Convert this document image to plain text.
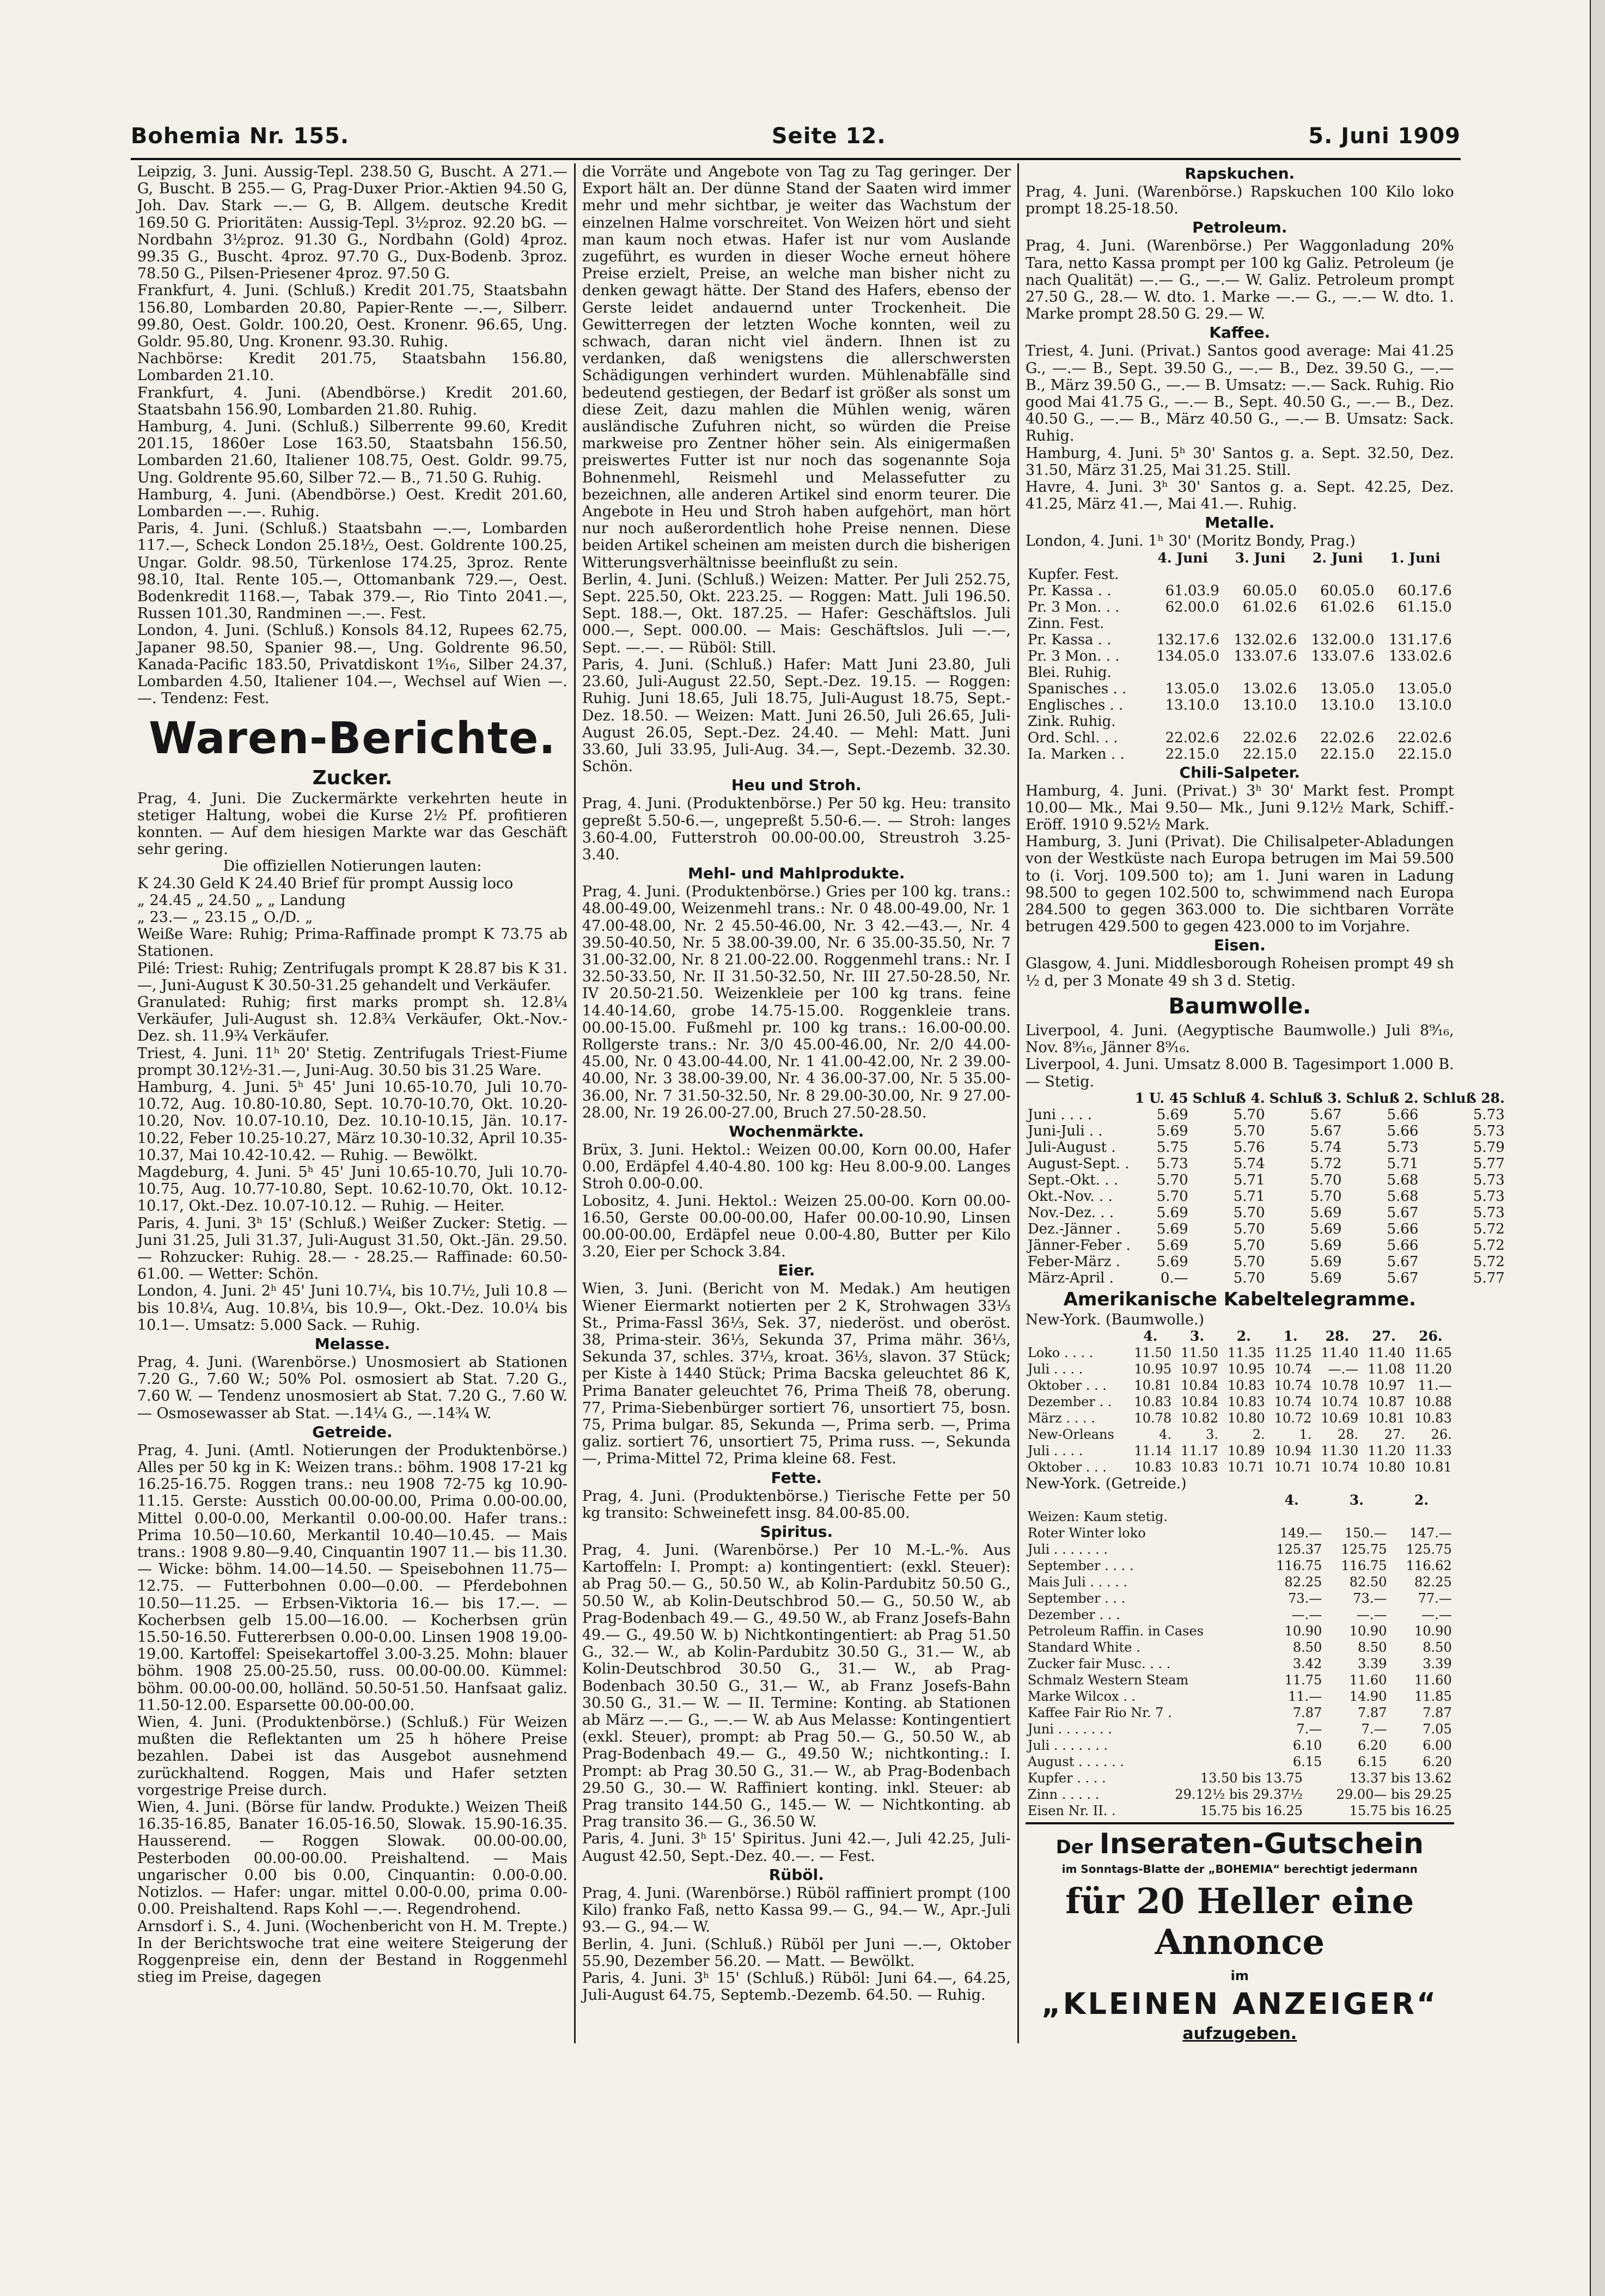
Bohemia Nr. 155.	Seite 12.	5. Juni 1909

Leipzig, 3. Juni. Aussig-Tepl. 238.50 G, Buscht. A 271.— G, Buscht. B 255.— G, Prag-Duxer Prior.-Aktien 94.50 G, Joh. Dav. Stark —.— G, B. Allgem. deutsche Kredit 169.50 G. Prioritäten: Aussig-Tepl. 3½proz. 92.20 bG. — Nordbahn 3½proz. 91.30 G., Nordbahn (Gold) 4proz. 99.35 G., Buscht. 4proz. 97.70 G., Dux-Bodenb. 3proz. 78.50 G., Pilsen-Priesener 4proz. 97.50 G.

Frankfurt, 4. Juni. (Schluß.) Kredit 201.75, Staatsbahn 156.80, Lombarden 20.80, Papier-Rente —.—, Silberr. 99.80, Oest. Goldr. 100.20, Oest. Kronenr. 96.65, Ung. Goldr. 95.80, Ung. Kronenr. 93.30. Ruhig.

Nachbörse: Kredit 201.75, Staatsbahn 156.80, Lombarden 21.10.

Frankfurt, 4. Juni. (Abendbörse.) Kredit 201.60, Staatsbahn 156.90, Lombarden 21.80. Ruhig.

Hamburg, 4. Juni. (Schluß.) Silberrente 99.60, Kredit 201.15, 1860er Lose 163.50, Staatsbahn 156.50, Lombarden 21.60, Italiener 108.75, Oest. Goldr. 99.75, Ung. Goldrente 95.60, Silber 72.— B., 71.50 G. Ruhig.

Hamburg, 4. Juni. (Abendbörse.) Oest. Kredit 201.60, Lombarden —.—. Ruhig.

Paris, 4. Juni. (Schluß.) Staatsbahn —.—, Lombarden 117.—, Scheck London 25.18½, Oest. Goldrente 100.25, Ungar. Goldr. 98.50, Türkenlose 174.25, 3proz. Rente 98.10, Ital. Rente 105.—, Ottomanbank 729.—, Oest. Bodenkredit 1168.—, Tabak 379.—, Rio Tinto 2041.—, Russen 101.30, Randminen —.—. Fest.

London, 4. Juni. (Schluß.) Konsols 84.12, Rupees 62.75, Japaner 98.50, Spanier 98.—, Ung. Goldrente 96.50, Kanada-Pacific 183.50, Privatdiskont 1⁹⁄₁₆, Silber 24.37, Lombarden 4.50, Italiener 104.—, Wechsel auf Wien —.—. Tendenz: Fest.

Waren-Berichte.
Zucker.

Prag, 4. Juni. Die Zuckermärkte verkehrten heute in stetiger Haltung, wobei die Kurse 2½ Pf. profitieren konnten. — Auf dem hiesigen Markte war das Geschäft sehr gering.

Die offiziellen Notierungen lauten:

K 24.30 Geld K 24.40 Brief für prompt Aussig loco

„ 24.45 „ 24.50 „ „ Landung

„ 23.— „ 23.15 „ O./D. „

Weiße Ware: Ruhig; Prima-Raffinade prompt K 73.75 ab Stationen.

Pilé: Triest: Ruhig; Zentrifugals prompt K 28.87 bis K 31.—, Juni-August K 30.50-31.25 gehandelt und Verkäufer.

Granulated: Ruhig; first marks prompt sh. 12.8¼ Verkäufer, Juli-August sh. 12.8¾ Verkäufer, Okt.-Nov.-Dez. sh. 11.9¾ Verkäufer.

Triest, 4. Juni. 11ʰ 20' Stetig. Zentrifugals Triest-Fiume prompt 30.12½-31.—, Juni-Aug. 30.50 bis 31.25 Ware.

Hamburg, 4. Juni. 5ʰ 45' Juni 10.65-10.70, Juli 10.70-10.72, Aug. 10.80-10.80, Sept. 10.70-10.70, Okt. 10.20-10.20, Nov. 10.07-10.10, Dez. 10.10-10.15, Jän. 10.17-10.22, Feber 10.25-10.27, März 10.30-10.32, April 10.35-10.37, Mai 10.42-10.42. — Ruhig. — Bewölkt.

Magdeburg, 4. Juni. 5ʰ 45' Juni 10.65-10.70, Juli 10.70-10.75, Aug. 10.77-10.80, Sept. 10.62-10.70, Okt. 10.12-10.17, Okt.-Dez. 10.07-10.12. — Ruhig. — Heiter.

Paris, 4. Juni. 3ʰ 15' (Schluß.) Weißer Zucker: Stetig. — Juni 31.25, Juli 31.37, Juli-August 31.50, Okt.-Jän. 29.50. — Rohzucker: Ruhig. 28.— - 28.25.— Raffinade: 60.50-61.00. — Wetter: Schön.

London, 4. Juni. 2ʰ 45' Juni 10.7¼, bis 10.7½, Juli 10.8 — bis 10.8¼, Aug. 10.8¼, bis 10.9—, Okt.-Dez. 10.0¼ bis 10.1—. Umsatz: 5.000 Sack. — Ruhig.

Melasse.

Prag, 4. Juni. (Warenbörse.) Unosmosiert ab Stationen 7.20 G., 7.60 W.; 50% Pol. osmosiert ab Stat. 7.20 G., 7.60 W. — Tendenz unosmosiert ab Stat. 7.20 G., 7.60 W. — Osmosewasser ab Stat. —.14¼ G., —.14¾ W.

Getreide.

Prag, 4. Juni. (Amtl. Notierungen der Produktenbörse.) Alles per 50 kg in K: Weizen trans.: böhm. 1908 17-21 kg 16.25-16.75. Roggen trans.: neu 1908 72-75 kg 10.90-11.15. Gerste: Ausstich 00.00-00.00, Prima 0.00-00.00, Mittel 0.00-0.00, Merkantil 0.00-00.00. Hafer trans.: Prima 10.50—10.60, Merkantil 10.40—10.45. — Mais trans.: 1908 9.80—9.40, Cinquantin 1907 11.— bis 11.30. — Wicke: böhm. 14.00—14.50. — Speisebohnen 11.75—12.75. — Futterbohnen 0.00—0.00. — Pferdebohnen 10.50—11.25. — Erbsen-Viktoria 16.— bis 17.—. — Kocherbsen gelb 15.00—16.00. — Kocherbsen grün 15.50-16.50. Futtererbsen 0.00-0.00. Linsen 1908 19.00-19.00. Kartoffel: Speisekartoffel 3.00-3.25. Mohn: blauer böhm. 1908 25.00-25.50, russ. 00.00-00.00. Kümmel: böhm. 00.00-00.00, holländ. 50.50-51.50. Hanfsaat galiz. 11.50-12.00. Esparsette 00.00-00.00.

Wien, 4. Juni. (Produktenbörse.) (Schluß.) Für Weizen mußten die Reflektanten um 25 h höhere Preise bezahlen. Dabei ist das Ausgebot ausnehmend zurückhaltend. Roggen, Mais und Hafer setzten vorgestrige Preise durch.

Wien, 4. Juni. (Börse für landw. Produkte.) Weizen Theiß 16.35-16.85, Banater 16.05-16.50, Slowak. 15.90-16.35. Hausserend. — Roggen Slowak. 00.00-00.00, Pesterboden 00.00-00.00. Preishaltend. — Mais ungarischer 0.00 bis 0.00, Cinquantin: 0.00-0.00. Notizlos. — Hafer: ungar. mittel 0.00-0.00, prima 0.00-0.00. Preishaltend. Raps Kohl —.—. Regendrohend.

Arnsdorf i. S., 4. Juni. (Wochenbericht von H. M. Trepte.) In der Berichtswoche trat eine weitere Steigerung der Roggenpreise ein, denn der Bestand in Roggenmehl stieg im Preise, dagegen

die Vorräte und Angebote von Tag zu Tag geringer. Der Export hält an. Der dünne Stand der Saaten wird immer mehr und mehr sichtbar, je weiter das Wachstum der einzelnen Halme vorschreitet. Von Weizen hört und sieht man kaum noch etwas. Hafer ist nur vom Auslande zugeführt, es wurden in dieser Woche erneut höhere Preise erzielt, Preise, an welche man bisher nicht zu denken gewagt hätte. Der Stand des Hafers, ebenso der Gerste leidet andauernd unter Trockenheit. Die Gewitterregen der letzten Woche konnten, weil zu schwach, daran nicht viel ändern. Ihnen ist zu verdanken, daß wenigstens die allerschwersten Schädigungen verhindert wurden. Mühlenabfälle sind bedeutend gestiegen, der Bedarf ist größer als sonst um diese Zeit, dazu mahlen die Mühlen wenig, wären ausländische Zufuhren nicht, so würden die Preise markweise pro Zentner höher sein. Als einigermaßen preiswertes Futter ist nur noch das sogenannte Soja Bohnenmehl, Reismehl und Melassefutter zu bezeichnen, alle anderen Artikel sind enorm teurer. Die Angebote in Heu und Stroh haben aufgehört, man hört nur noch außerordentlich hohe Preise nennen. Diese beiden Artikel scheinen am meisten durch die bisherigen Witterungsverhältnisse beeinflußt zu sein.

Berlin, 4. Juni. (Schluß.) Weizen: Matter. Per Juli 252.75, Sept. 225.50, Okt. 223.25. — Roggen: Matt. Juli 196.50. Sept. 188.—, Okt. 187.25. — Hafer: Geschäftslos. Juli 000.—, Sept. 000.00. — Mais: Geschäftslos. Juli —.—, Sept. —.—. — Rüböl: Still.

Paris, 4. Juni. (Schluß.) Hafer: Matt Juni 23.80, Juli 23.60, Juli-August 22.50, Sept.-Dez. 19.15. — Roggen: Ruhig. Juni 18.65, Juli 18.75, Juli-August 18.75, Sept.-Dez. 18.50. — Weizen: Matt. Juni 26.50, Juli 26.65, Juli-August 26.05, Sept.-Dez. 24.40. — Mehl: Matt. Juni 33.60, Juli 33.95, Juli-Aug. 34.—, Sept.-Dezemb. 32.30. Schön.

Heu und Stroh.

Prag, 4. Juni. (Produktenbörse.) Per 50 kg. Heu: transito gepreßt 5.50-6.—, ungepreßt 5.50-6.—. — Stroh: langes 3.60-4.00, Futterstroh 00.00-00.00, Streustroh 3.25-3.40.

Mehl- und Mahlprodukte.

Prag, 4. Juni. (Produktenbörse.) Gries per 100 kg. trans.: 48.00-49.00, Weizenmehl trans.: Nr. 0 48.00-49.00, Nr. 1 47.00-48.00, Nr. 2 45.50-46.00, Nr. 3 42.—43.—, Nr. 4 39.50-40.50, Nr. 5 38.00-39.00, Nr. 6 35.00-35.50, Nr. 7 31.00-32.00, Nr. 8 21.00-22.00. Roggenmehl trans.: Nr. I 32.50-33.50, Nr. II 31.50-32.50, Nr. III 27.50-28.50, Nr. IV 20.50-21.50. Weizenkleie per 100 kg trans. feine 14.40-14.60, grobe 14.75-15.00. Roggenkleie trans. 00.00-15.00. Fußmehl pr. 100 kg trans.: 16.00-00.00. Rollgerste trans.: Nr. 3/0 45.00-46.00, Nr. 2/0 44.00-45.00, Nr. 0 43.00-44.00, Nr. 1 41.00-42.00, Nr. 2 39.00-40.00, Nr. 3 38.00-39.00, Nr. 4 36.00-37.00, Nr. 5 35.00-36.00, Nr. 7 31.50-32.50, Nr. 8 29.00-30.00, Nr. 9 27.00-28.00, Nr. 19 26.00-27.00, Bruch 27.50-28.50.

Wochenmärkte.

Brüx, 3. Juni. Hektol.: Weizen 00.00, Korn 00.00, Hafer 0.00, Erdäpfel 4.40-4.80. 100 kg: Heu 8.00-9.00. Langes Stroh 0.00-0.00.

Lobositz, 4. Juni. Hektol.: Weizen 25.00-00. Korn 00.00-16.50, Gerste 00.00-00.00, Hafer 00.00-10.90, Linsen 00.00-00.00, Erdäpfel neue 0.00-4.80, Butter per Kilo 3.20, Eier per Schock 3.84.

Eier.

Wien, 3. Juni. (Bericht von M. Medak.) Am heutigen Wiener Eiermarkt notierten per 2 K, Strohwagen 33⅓ St., Prima-Fassl 36⅓, Sek. 37, niederöst. und oberöst. 38, Prima-steir. 36⅓, Sekunda 37, Prima mähr. 36⅓, Sekunda 37, schles. 37⅓, kroat. 36⅓, slavon. 37 Stück; per Kiste à 1440 Stück; Prima Bacska geleuchtet 86 K, Prima Banater geleuchtet 76, Prima Theiß 78, oberung. 77, Prima-Siebenbürger sortiert 76, unsortiert 75, bosn. 75, Prima bulgar. 85, Sekunda —, Prima serb. —, Prima galiz. sortiert 76, unsortiert 75, Prima russ. —, Sekunda —, Prima-Mittel 72, Prima kleine 68. Fest.

Fette.

Prag, 4. Juni. (Produktenbörse.) Tierische Fette per 50 kg transito: Schweinefett insg. 84.00-85.00.

Spiritus.

Prag, 4. Juni. (Warenbörse.) Per 10 M.-L.-%. Aus Kartoffeln: I. Prompt: a) kontingentiert: (exkl. Steuer): ab Prag 50.— G., 50.50 W., ab Kolin-Pardubitz 50.50 G., 50.50 W., ab Kolin-Deutschbrod 50.— G., 50.50 W., ab Prag-Bodenbach 49.— G., 49.50 W., ab Franz Josefs-Bahn 49.— G., 49.50 W. b) Nichtkontingentiert: ab Prag 51.50 G., 32.— W., ab Kolin-Pardubitz 30.50 G., 31.— W., ab Kolin-Deutschbrod 30.50 G., 31.— W., ab Prag-Bodenbach 30.50 G., 31.— W., ab Franz Josefs-Bahn 30.50 G., 31.— W. — II. Termine: Konting. ab Stationen ab März —.— G., —.— W. ab Aus Melasse: Kontingentiert (exkl. Steuer), prompt: ab Prag 50.— G., 50.50 W., ab Prag-Bodenbach 49.— G., 49.50 W.; nichtkonting.: I. Prompt: ab Prag 30.50 G., 31.— W., ab Prag-Bodenbach 29.50 G., 30.— W. Raffiniert konting. inkl. Steuer: ab Prag transito 144.50 G., 145.— W. — Nichtkonting. ab Prag transito 36.— G., 36.50 W.

Paris, 4. Juni. 3ʰ 15' Spiritus. Juni 42.—, Juli 42.25, Juli-August 42.50, Sept.-Dez. 40.—. — Fest.

Rüböl.

Prag, 4. Juni. (Warenbörse.) Rüböl raffiniert prompt (100 Kilo) franko Faß, netto Kassa 99.— G., 94.— W., Apr.-Juli 93.— G., 94.— W.

Berlin, 4. Juni. (Schluß.) Rüböl per Juni —.—, Oktober 55.90, Dezember 56.20. — Matt. — Bewölkt.

Paris, 4. Juni. 3ʰ 15' (Schluß.) Rüböl: Juni 64.—, 64.25, Juli-August 64.75, Septemb.-Dezemb. 64.50. — Ruhig.

Rapskuchen.

Prag, 4. Juni. (Warenbörse.) Rapskuchen 100 Kilo loko prompt 18.25-18.50.

Petroleum.

Prag, 4. Juni. (Warenbörse.) Per Waggonladung 20% Tara, netto Kassa prompt per 100 kg Galiz. Petroleum (je nach Qualität) —.— G., —.— W. Galiz. Petroleum prompt 27.50 G., 28.— W. dto. 1. Marke —.— G., —.— W. dto. 1. Marke prompt 28.50 G. 29.— W.

Kaffee.

Triest, 4. Juni. (Privat.) Santos good average: Mai 41.25 G., —.— B., Sept. 39.50 G., —.— B., Dez. 39.50 G., —.— B., März 39.50 G., —.— B. Umsatz: —.— Sack. Ruhig. Rio good Mai 41.75 G., —.— B., Sept. 40.50 G., —.— B., Dez. 40.50 G., —.— B., März 40.50 G., —.— B. Umsatz: Sack. Ruhig.

Hamburg, 4. Juni. 5ʰ 30' Santos g. a. Sept. 32.50, Dez. 31.50, März 31.25, Mai 31.25. Still.

Havre, 4. Juni. 3ʰ 30' Santos g. a. Sept. 42.25, Dez. 41.25, März 41.—, Mai 41.—. Ruhig.

Metalle.

London, 4. Juni. 1ʰ 30' (Moritz Bondy, Prag.)

	4. Juni	3. Juni	2. Juni	1. Juni
Kupfer. Fest.				
Pr. Kassa . .	61.03.9	60.05.0	60.05.0	60.17.6
Pr. 3 Mon. . .	62.00.0	61.02.6	61.02.6	61.15.0
Zinn. Fest.				
Pr. Kassa . .	132.17.6	132.02.6	132.00.0	131.17.6
Pr. 3 Mon. . .	134.05.0	133.07.6	133.07.6	133.02.6
Blei. Ruhig.				
Spanisches . .	13.05.0	13.02.6	13.05.0	13.05.0
Englisches . .	13.10.0	13.10.0	13.10.0	13.10.0
Zink. Ruhig.				
Ord. Schl. . .	22.02.6	22.02.6	22.02.6	22.02.6
Ia. Marken . .	22.15.0	22.15.0	22.15.0	22.15.0
Chili-Salpeter.

Hamburg, 4. Juni. (Privat.) 3ʰ 30' Markt fest. Prompt 10.00— Mk., Mai 9.50— Mk., Juni 9.12½ Mark, Schiff.-Eröff. 1910 9.52½ Mark.

Hamburg, 3. Juni (Privat). Die Chilisalpeter-Abladungen von der Westküste nach Europa betrugen im Mai 59.500 to (i. Vorj. 109.500 to); am 1. Juni waren in Ladung 98.500 to gegen 102.500 to, schwimmend nach Europa 284.500 to gegen 363.000 to. Die sichtbaren Vorräte betrugen 429.500 to gegen 423.000 to im Vorjahre.

Eisen.

Glasgow, 4. Juni. Middlesborough Roheisen prompt 49 sh ½ d, per 3 Monate 49 sh 3 d. Stetig.

Baumwolle.

Liverpool, 4. Juni. (Aegyptische Baumwolle.) Juli 8⁹⁄₁₆, Nov. 8⁹⁄₁₆, Jänner 8⁹⁄₁₆.

Liverpool, 4. Juni. Umsatz 8.000 B. Tagesimport 1.000 B. — Stetig.

	1 U. 45	Schluß 4.	Schluß 3.	Schluß 2.	Schluß 28.
Juni . . . .	5.69	5.70	5.67	5.66	5.73
Juni-Juli . .	5.69	5.70	5.67	5.66	5.73
Juli-August .	5.75	5.76	5.74	5.73	5.79
August-Sept. .	5.73	5.74	5.72	5.71	5.77
Sept.-Okt. . .	5.70	5.71	5.70	5.68	5.73
Okt.-Nov. . .	5.70	5.71	5.70	5.68	5.73
Nov.-Dez. . .	5.69	5.70	5.69	5.67	5.73
Dez.-Jänner .	5.69	5.70	5.69	5.66	5.72
Jänner-Feber .	5.69	5.70	5.69	5.66	5.72
Feber-März .	5.69	5.70	5.69	5.67	5.72
März-April .	0.—	5.70	5.69	5.67	5.77
Amerikanische Kabeltelegramme.

New-York. (Baumwolle.)

	4.	3.	2.	1.	28.	27.	26.
Loko . . . .	11.50	11.50	11.35	11.25	11.40	11.40	11.65
Juli . . . .	10.95	10.97	10.95	10.74	—.—	11.08	11.20
Oktober . . .	10.81	10.84	10.83	10.74	10.78	10.97	11.—
Dezember . .	10.83	10.84	10.83	10.74	10.74	10.87	10.88
März . . . .	10.78	10.82	10.80	10.72	10.69	10.81	10.83
New-Orleans	4.	3.	2.	1.	28.	27.	26.
Juli . . . .	11.14	11.17	10.89	10.94	11.30	11.20	11.33
Oktober . . .	10.83	10.83	10.71	10.71	10.74	10.80	10.81

New-York. (Getreide.)

	4.	3.	2.
Weizen: Kaum stetig.			
Roter Winter loko	149.—	150.—	147.—
Juli . . . . . . .	125.37	125.75	125.75
September . . . .	116.75	116.75	116.62
Mais Juli . . . . .	82.25	82.50	82.25
September . . .	73.—	73.—	77.—
Dezember . . .	—.—	—.—	—.—
Petroleum Raffin. in Cases	10.90	10.90	10.90
Standard White .	8.50	8.50	8.50
Zucker fair Musc. . . .	3.42	3.39	3.39
Schmalz Western Steam	11.75	11.60	11.60
Marke Wilcox . .	11.—	14.90	11.85
Kaffee Fair Rio Nr. 7 .	7.87	7.87	7.87
Juni . . . . . . .	7.—	7.—	7.05
Juli . . . . . . .	6.10	6.20	6.00
August . . . . . .	6.15	6.15	6.20
Kupfer . . . .	13.50 bis 13.75	13.37 bis 13.62
Zinn . . . . .	29.12½ bis 29.37½	29.00— bis 29.25
Eisen Nr. II. .	15.75 bis 16.25	15.75 bis 16.25
Der Inseraten-Gutschein
im Sonntags-Blatte der „BOHEMIA“ berechtigt jedermann
für 20 Heller eine Annonce
im
„KLEINEN ANZEIGER“
aufzugeben.
